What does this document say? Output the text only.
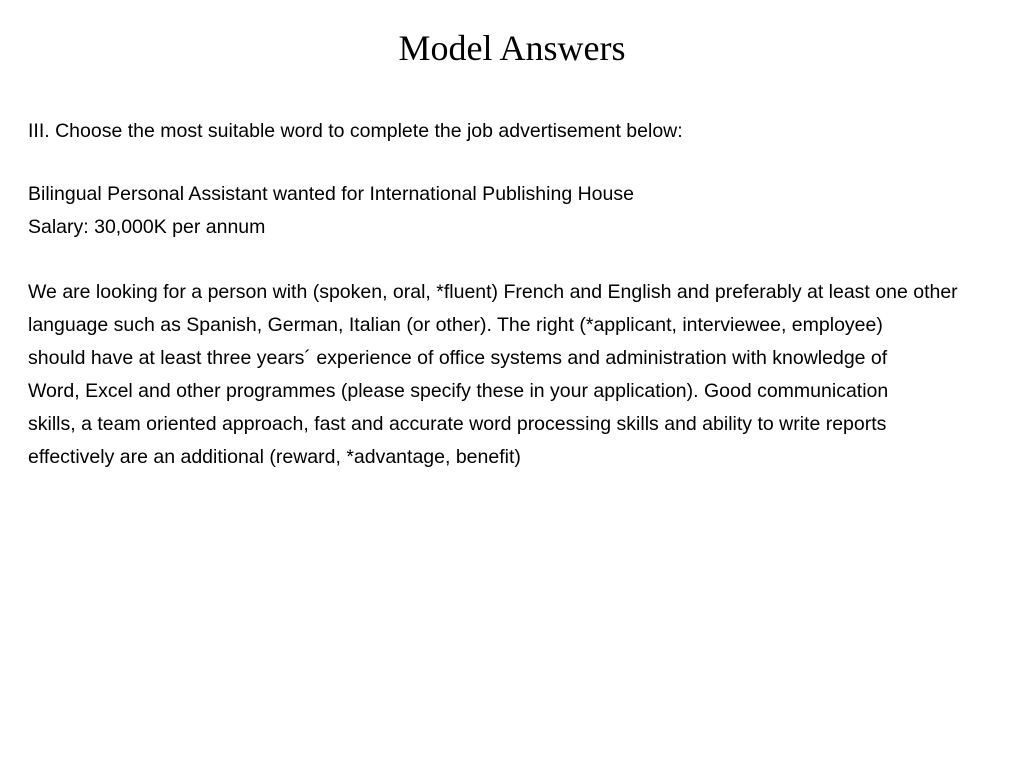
Model Answers

III. Choose the most suitable word to complete the job advertisement below:

Bilingual Personal Assistant wanted for International Publishing House

Salary: 30,000K per annum

We are looking for a person with (spoken, oral, *fluent) French and English and preferably at least one other

language such as Spanish, German, Italian (or other). The right (*applicant, interviewee, employee)

should have at least three years´ experience of office systems and administration with knowledge of

Word, Excel and other programmes (please specify these in your application). Good communication

skills, a team oriented approach, fast and accurate word processing skills and ability to write reports

effectively are an additional (reward, *advantage, benefit)
